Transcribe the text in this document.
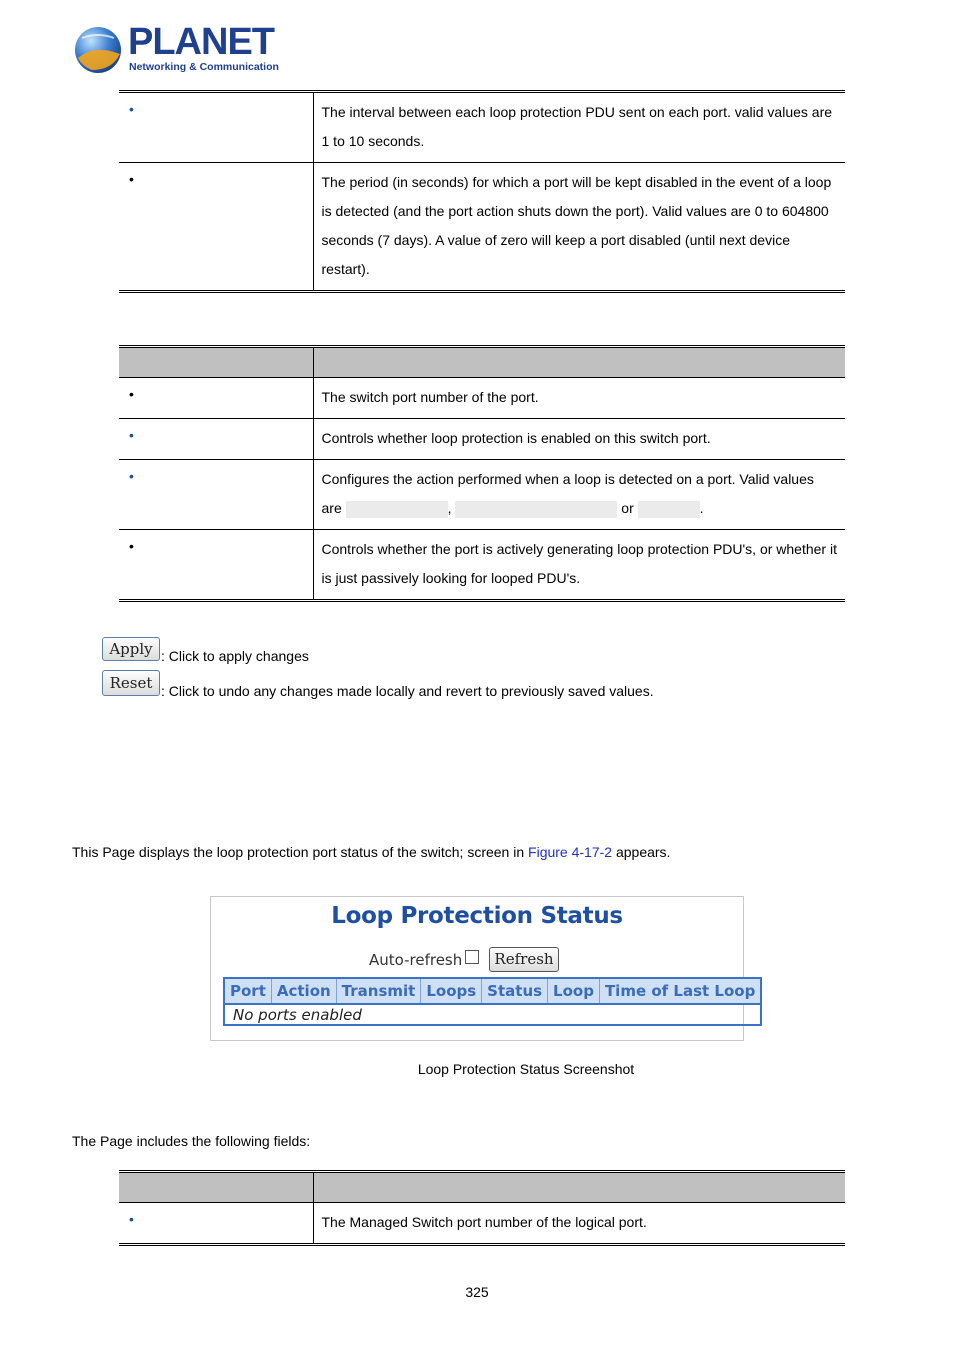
PLANET
Networking & Communication
•	The interval between each loop protection PDU sent on each port. valid values are 1 to 10 seconds.
•	The period (in seconds) for which a port will be kept disabled in the event of a loop is detected (and the port action shuts down the port). Valid values are 0 to 604800 seconds (7 days). A value of zero will keep a port disabled (until next device restart).

•	The switch port number of the port.
•	Controls whether loop protection is enabled on this switch port.
•	Configures the action performed when a loop is detected on a port. Valid values are , or .
•	Controls whether the port is actively generating loop protection PDU's, or whether it is just passively looking for looped PDU's.
Apply : Click to apply changes
Reset : Click to undo any changes made locally and revert to previously saved values.
This Page displays the loop protection port status of the switch; screen in Figure 4-17-2 appears.
Loop Protection Status
Auto-refresh	Refresh
Port	Action	Transmit	Loops	Status	Loop	Time of Last Loop
No ports enabled
Loop Protection Status Screenshot
The Page includes the following fields:

•	The Managed Switch port number of the logical port.
325
